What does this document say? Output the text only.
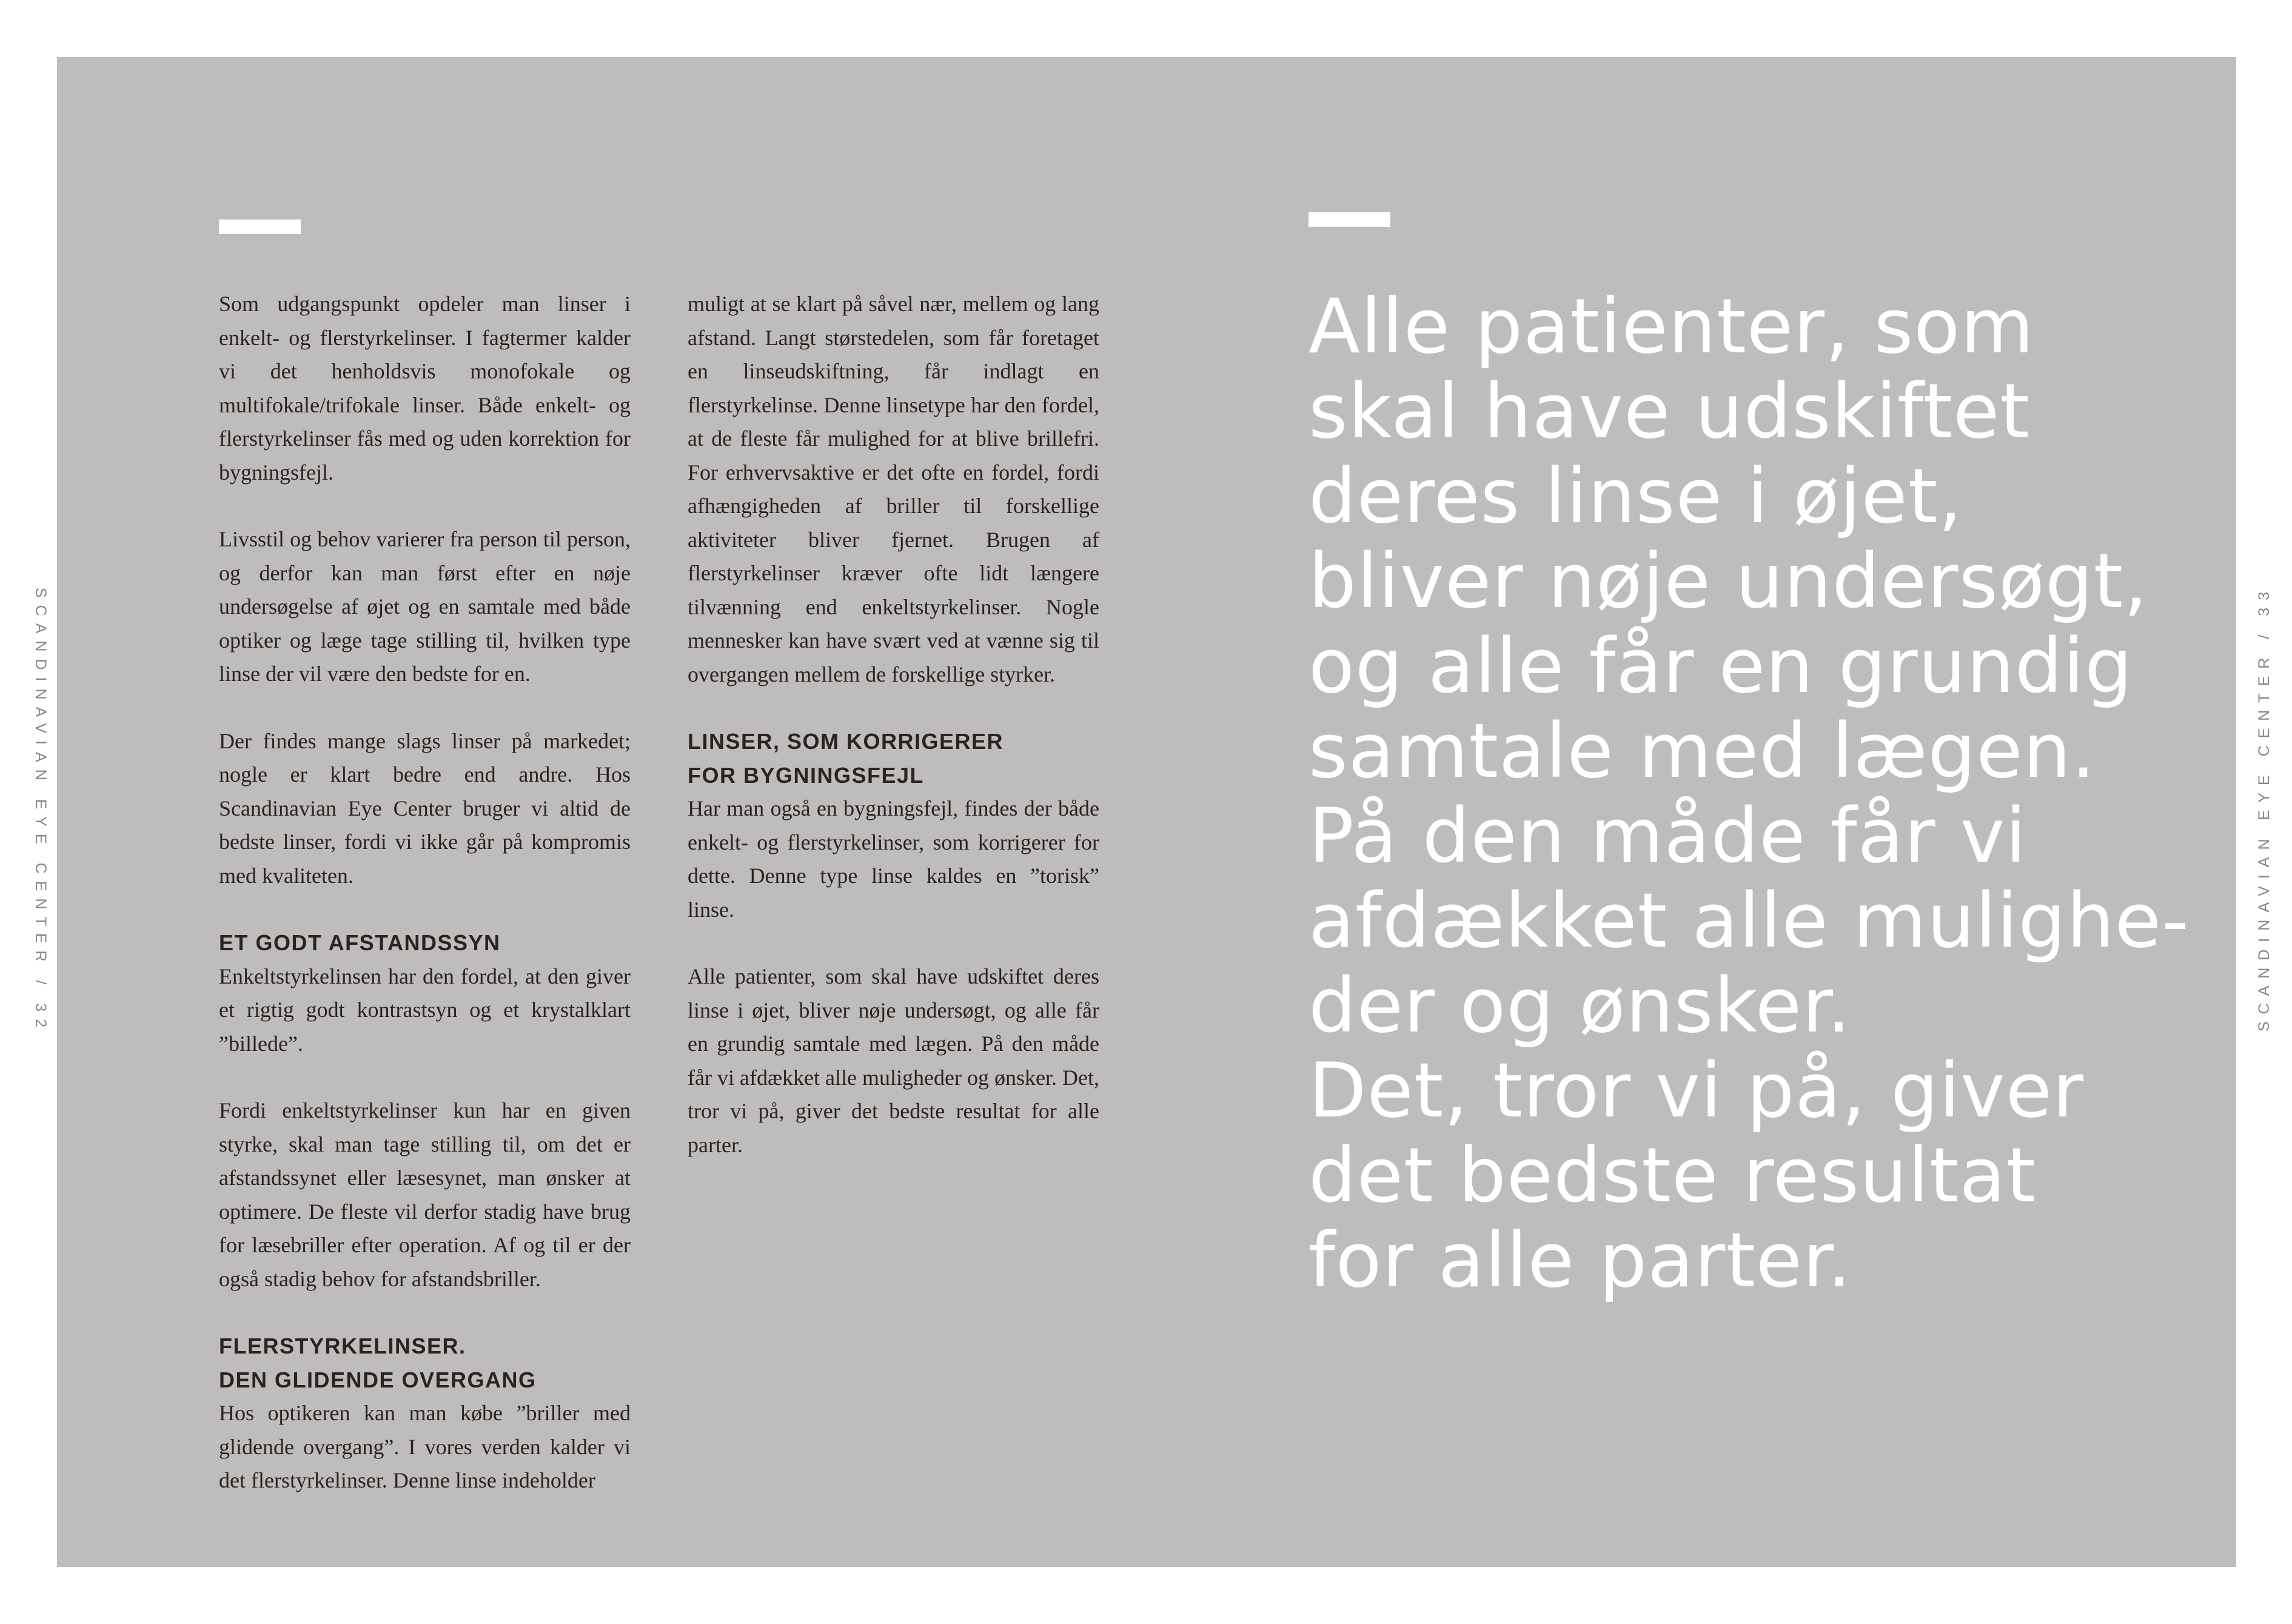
SCANDINAVIAN EYE CENTER / 32	SCANDINAVIAN EYE CENTER / 33

Som udgangspunkt opdeler man linser i enkelt- og flerstyrkelinser. I fagtermer kalder vi det henholdsvis monofokale og multifokale/trifokale linser. Både enkelt- og flerstyrkelinser fås med og uden korrektion for bygningsfejl.

Livsstil og behov varierer fra person til person, og derfor kan man først efter en nøje undersøgelse af øjet og en samtale med både optiker og læge tage stilling til, hvilken type linse der vil være den bedste for en.

Der findes mange slags linser på markedet; nogle er klart bedre end andre. Hos Scandinavian Eye Center bruger vi altid de bedste linser, fordi vi ikke går på kompromis med kvaliteten.

ET GODT AFSTANDSSYN

Enkeltstyrkelinsen har den fordel, at den giver et rigtig godt kontrastsyn og et krystalklart ”billede”.

Fordi enkeltstyrkelinser kun har en given styrke, skal man tage stilling til, om det er afstandssynet eller læsesynet, man ønsker at optimere. De fleste vil derfor stadig have brug for læsebriller efter operation. Af og til er der også stadig behov for afstandsbriller.

FLERSTYRKELINSER.
DEN GLIDENDE OVERGANG

Hos optikeren kan man købe ”briller med glidende overgang”. I vores verden kalder vi det flerstyrkelinser. Denne linse indeholder

muligt at se klart på såvel nær, mellem og lang afstand. Langt størstedelen, som får foretaget en linseudskiftning, får indlagt en flerstyrkelinse. Denne linsetype har den fordel, at de fleste får mulighed for at blive brillefri. For erhvervsaktive er det ofte en fordel, fordi afhængigheden af briller til forskellige aktiviteter bliver fjernet. Brugen af flerstyrkelinser kræver ofte lidt længere tilvænning end enkeltstyrkelinser. Nogle mennesker kan have svært ved at vænne sig til overgangen mellem de forskellige styrker.

LINSER, SOM KORRIGERER
FOR BYGNINGSFEJL

Har man også en bygningsfejl, findes der både enkelt- og flerstyrkelinser, som korrigerer for dette. Denne type linse kaldes en ”torisk” linse.

Alle patienter, som skal have udskiftet deres linse i øjet, bliver nøje undersøgt, og alle får en grundig samtale med lægen. På den måde får vi afdækket alle muligheder og ønsker. Det, tror vi på, giver det bedste resultat for alle parter.

Alle patienter, som
skal have udskiftet
deres linse i øjet,
bliver nøje undersøgt,
og alle får en grundig
samtale med lægen.
På den måde får vi
afdækket alle mulighe-
der og ønsker.
Det, tror vi på, giver
det bedste resultat
for alle parter.
